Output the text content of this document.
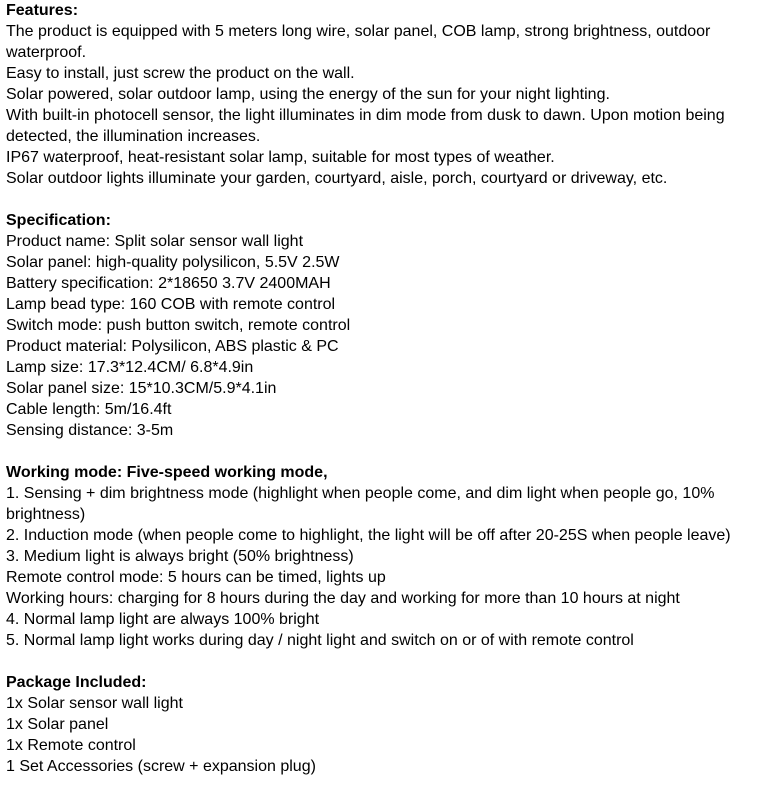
Features:
The product is equipped with 5 meters long wire, solar panel, COB lamp, strong brightness, outdoor waterproof.
Easy to install, just screw the product on the wall.
Solar powered, solar outdoor lamp, using the energy of the sun for your night lighting.
With built-in photocell sensor, the light illuminates in dim mode from dusk to dawn. Upon motion being detected, the illumination increases.
IP67 waterproof, heat-resistant solar lamp, suitable for most types of weather.
Solar outdoor lights illuminate your garden, courtyard, aisle, porch, courtyard or driveway, etc.
Specification:
Product name: Split solar sensor wall light
Solar panel: high-quality polysilicon, 5.5V 2.5W
Battery specification: 2*18650 3.7V 2400MAH
Lamp bead type: 160 COB with remote control
Switch mode: push button switch, remote control
Product material: Polysilicon, ABS plastic & PC
Lamp size: 17.3*12.4CM/ 6.8*4.9in
Solar panel size: 15*10.3CM/5.9*4.1in
Cable length: 5m/16.4ft
Sensing distance: 3-5m
Working mode: Five-speed working mode,
1. Sensing + dim brightness mode (highlight when people come, and dim light when people go, 10% brightness)
2. Induction mode (when people come to highlight, the light will be off after 20-25S when people leave)
3. Medium light is always bright (50% brightness)
Remote control mode: 5 hours can be timed, lights up
Working hours: charging for 8 hours during the day and working for more than 10 hours at night
4. Normal lamp light are always 100% bright
5. Normal lamp light works during day / night light and switch on or of with remote control
Package Included:
1x Solar sensor wall light
1x Solar panel
1x Remote control
1 Set Accessories (screw + expansion plug)
